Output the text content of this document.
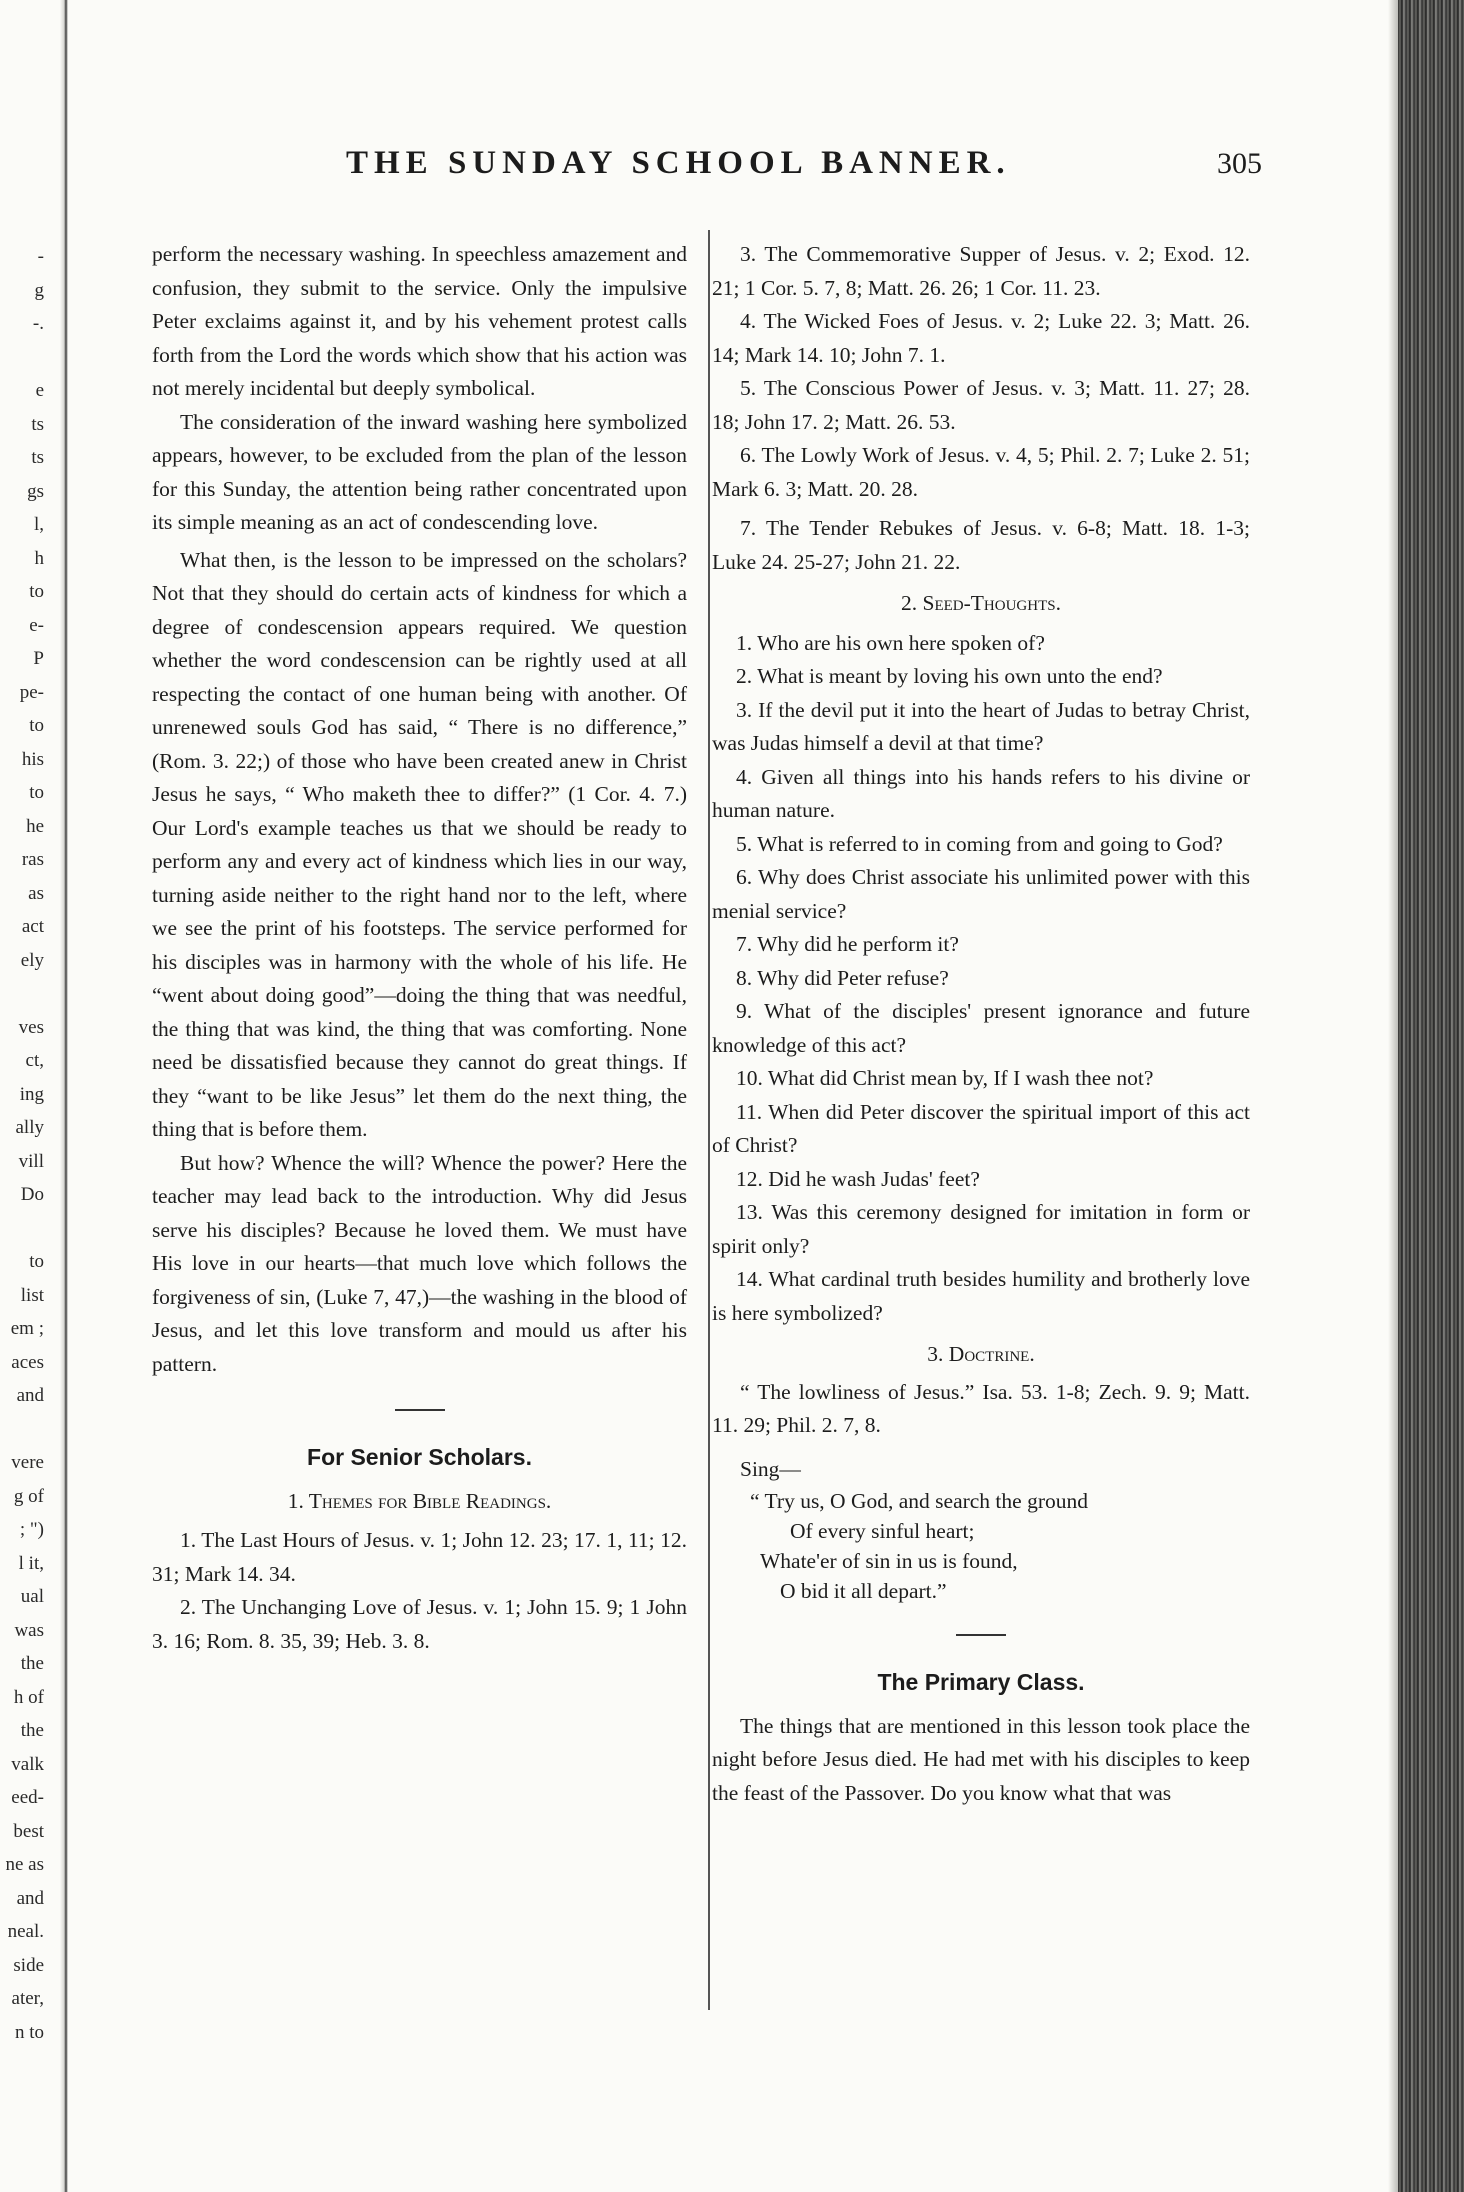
-
g
-.
e
ts
ts
gs
l,
h
to
e-
P
pe-
to
his
to
he
ras
as
act
ely
ves
ct,
ing
ally
vill
Do
to
list
em ;
aces
and
vere
g of
; ")
l it,
ual
was
the
h of
the
valk
eed-
best
ne as
and
neal.
side
ater,
n to
THE SUNDAY SCHOOL BANNER.	305

perform the necessary washing. In speechless amazement and confusion, they submit to the service. Only the impulsive Peter exclaims against it, and by his vehement protest calls forth from the Lord the words which show that his action was not merely incidental but deeply symbolical.

The consideration of the inward washing here symbolized appears, however, to be excluded from the plan of the lesson for this Sunday, the attention being rather concentrated upon its simple meaning as an act of condescending love.

What then, is the lesson to be impressed on the scholars? Not that they should do certain acts of kindness for which a degree of condescension appears required. We question whether the word condescension can be rightly used at all respecting the contact of one human being with another. Of unrenewed souls God has said, “ There is no difference,” (Rom. 3. 22;) of those who have been created anew in Christ Jesus he says, “ Who maketh thee to differ?” (1 Cor. 4. 7.) Our Lord's example teaches us that we should be ready to perform any and every act of kindness which lies in our way, turning aside neither to the right hand nor to the left, where we see the print of his footsteps. The service performed for his disciples was in harmony with the whole of his life. He “went about doing good”—doing the thing that was needful, the thing that was kind, the thing that was comforting. None need be dissatisfied because they cannot do great things. If they “want to be like Jesus” let them do the next thing, the thing that is before them.

But how? Whence the will? Whence the power? Here the teacher may lead back to the introduction. Why did Jesus serve his disciples? Because he loved them. We must have His love in our hearts—that much love which follows the forgiveness of sin, (Luke 7, 47,)—the washing in the blood of Jesus, and let this love transform and mould us after his pattern.

For Senior Scholars.
1. Themes for Bible Readings.

1. The Last Hours of Jesus. v. 1; John 12. 23; 17. 1, 11; 12. 31; Mark 14. 34.

2. The Unchanging Love of Jesus. v. 1; John 15. 9; 1 John 3. 16; Rom. 8. 35, 39; Heb. 3. 8.

3. The Commemorative Supper of Jesus. v. 2; Exod. 12. 21; 1 Cor. 5. 7, 8; Matt. 26. 26; 1 Cor. 11. 23.

4. The Wicked Foes of Jesus. v. 2; Luke 22. 3; Matt. 26. 14; Mark 14. 10; John 7. 1.

5. The Conscious Power of Jesus. v. 3; Matt. 11. 27; 28. 18; John 17. 2; Matt. 26. 53.

6. The Lowly Work of Jesus. v. 4, 5; Phil. 2. 7; Luke 2. 51; Mark 6. 3; Matt. 20. 28.

7. The Tender Rebukes of Jesus. v. 6-8; Matt. 18. 1-3; Luke 24. 25-27; John 21. 22.

2. Seed-Thoughts.

1. Who are his own here spoken of?

2. What is meant by loving his own unto the end?

3. If the devil put it into the heart of Judas to betray Christ, was Judas himself a devil at that time?

4. Given all things into his hands refers to his divine or human nature.

5. What is referred to in coming from and going to God?

6. Why does Christ associate his unlimited power with this menial service?

7. Why did he perform it?

8. Why did Peter refuse?

9. What of the disciples' present ignorance and future knowledge of this act?

10. What did Christ mean by, If I wash thee not?

11. When did Peter discover the spiritual import of this act of Christ?

12. Did he wash Judas' feet?

13. Was this ceremony designed for imitation in form or spirit only?

14. What cardinal truth besides humility and brotherly love is here symbolized?

3. Doctrine.

“ The lowliness of Jesus.” Isa. 53. 1-8; Zech. 9. 9; Matt. 11. 29; Phil. 2. 7, 8.

Sing—

“ Try us, O God, and search the ground
Of every sinful heart;
Whate'er of sin in us is found,
O bid it all depart.”
The Primary Class.

The things that are mentioned in this lesson took place the night before Jesus died. He had met with his disciples to keep the feast of the Passover. Do you know what that was
